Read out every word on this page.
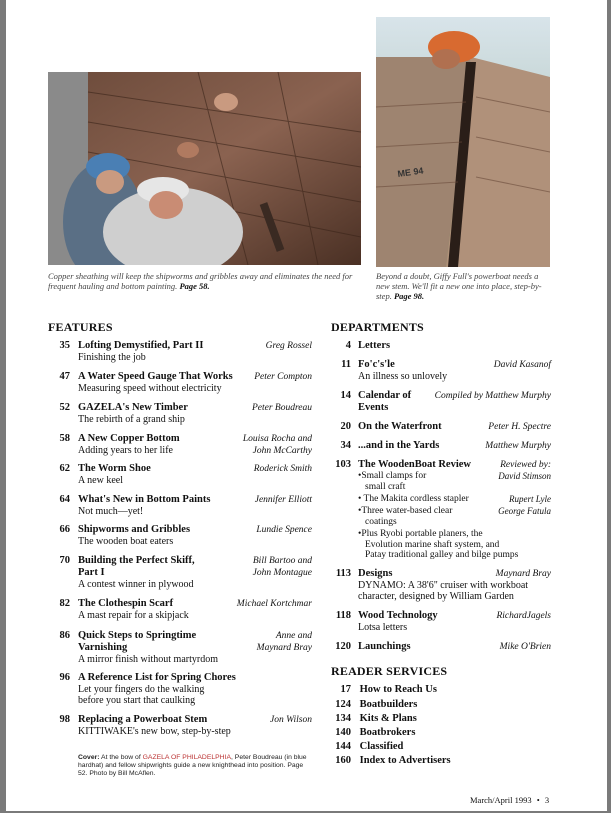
ME 94
Copper sheathing will keep the shipworms and gribbles away and eliminates the need for frequent hauling and bottom painting. Page 58.
Beyond a doubt, Giffy Full's powerboat needs a new stem. We'll fit a new one into place, step-by-step. Page 98.
FEATURES
35 Lofting Demystified, Part II
Finishing the job
Greg Rossel
47 A Water Speed Gauge That Works
Measuring speed without electricity
Peter Compton
52 GAZELA's New Timber
The rebirth of a grand ship
Peter Boudreau
58 A New Copper Bottom
Adding years to her life
Louisa Rocha and
John McCarthy
62 The Worm Shoe
A new keel
Roderick Smith
64 What's New in Bottom Paints
Not much—yet!
Jennifer Elliott
66 Shipworms and Gribbles
The wooden boat eaters
Lundie Spence
70 Building the Perfect Skiff,
Part I
A contest winner in plywood
Bill Bartoo and
John Montague
82 The Clothespin Scarf
A mast repair for a skipjack
Michael Kortchmar
86 Quick Steps to Springtime
Varnishing
A mirror finish without martyrdom
Anne and
Maynard Bray
96 A Reference List for Spring Chores
Let your fingers do the walking
before you start that caulking
98 Replacing a Powerboat Stem
KITTIWAKE's new bow, step-by-step
Jon Wilson
Cover: At the bow of GAZELA OF PHILADELPHIA, Peter Boudreau (in blue hardhat) and fellow shipwrights guide a new knighthead into position. Page 52. Photo by Bill McAflen.
DEPARTMENTS
4 Letters
11 Fo'c's'le
An illness so unlovely
David Kasanof
14 Calendar of
Events
Compiled by Matthew Murphy
20 On the Waterfront	Peter H. Spectre
34 ...and in the Yards	Matthew Murphy
103 The WoodenBoat Review	Reviewed by:
•Small clamps for
small craft
David Stimson
• The Makita cordless stapler	Rupert Lyle
•Three water-based clear
coatings
George Fatula
•Plus Ryobi portable planers, the
Evolution marine shaft system, and
Patay traditional galley and bilge pumps
113 Designs
DYNAMO: A 38'6" cruiser with workboat
character, designed by William Garden
Maynard Bray
118 Wood Technology
Lotsa letters
RichardJagels
120 Launchings	Mike O'Brien
READER SERVICES
17 How to Reach Us
124 Boatbuilders
134 Kits & Plans
140 Boatbrokers
144 Classified
160 Index to Advertisers
March/April 1993 • 3
